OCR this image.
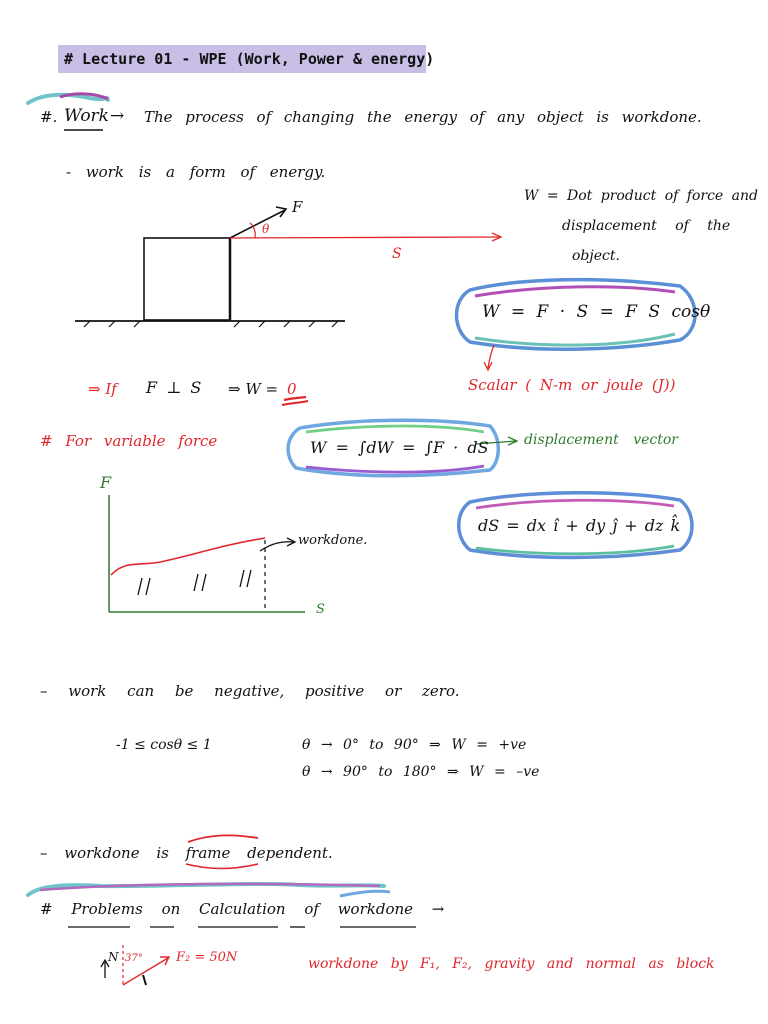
# Lecture 01 - WPE (Work, Power & energy)
#. Work → The process of changing the energy of any object is workdone.
- work is a form of energy.
F
θ
S
W = Dot product of force and
displacement of the
object.
W = F · S = F S cosθ
Scalar ( N-m or joule (J))
⇒ If F ⊥ S ⇒ W = 0
# For variable force	W = ∫dW = ∫F · dS	displacement vector
dS = dx î + dy ĵ + dz k̂
F
S
workdone.
– work can be negative, positive or zero.
-1 ≤ cosθ ≤ 1	θ → 0° to 90° ⇒ W = +ve
θ → 90° to 180° ⇒ W = –ve
– workdone is frame dependent.
# Problems on Calculation of workdone →
N 37°	F₂ = 50N	workdone by F₁, F₂, gravity and normal as block
